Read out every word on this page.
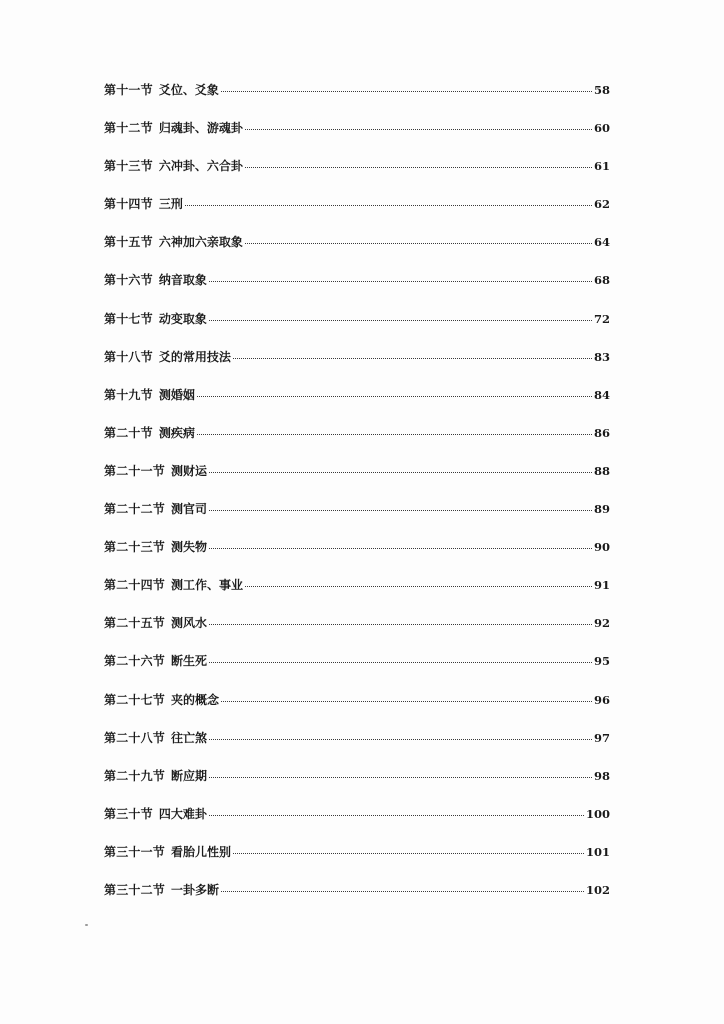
第十一节 爻位、爻象	58
第十二节 归魂卦、游魂卦	60
第十三节 六冲卦、六合卦	61
第十四节 三刑	62
第十五节 六神加六亲取象	64
第十六节 纳音取象	68
第十七节 动变取象	72
第十八节 爻的常用技法	83
第十九节 测婚姻	84
第二十节 测疾病	86
第二十一节 测财运	88
第二十二节 测官司	89
第二十三节 测失物	90
第二十四节 测工作、事业	91
第二十五节 测风水	92
第二十六节 断生死	95
第二十七节 夹的概念	96
第二十八节 往亡煞	97
第二十九节 断应期	98
第三十节 四大难卦	100
第三十一节 看胎儿性别	101
第三十二节 一卦多断	102
